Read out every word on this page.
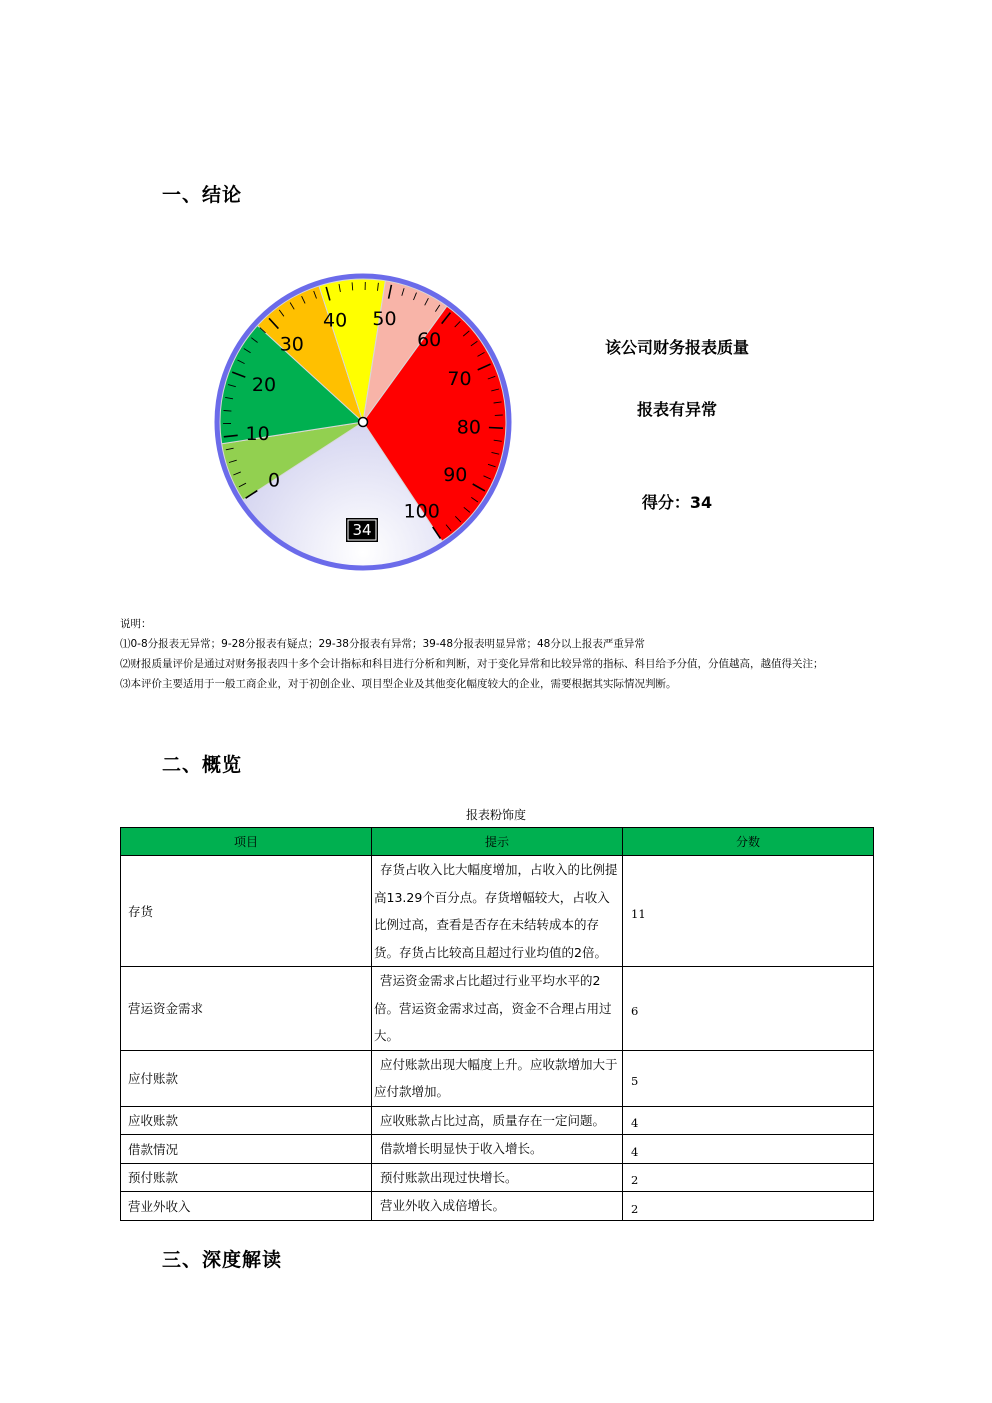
一、结论
0
10
20
30
40 50
60
70
80
90
100
34
该公司财务报表质量
报表有异常
得分：34
说明：
⑴0-8分报表无异常；9-28分报表有疑点；29-38分报表有异常；39-48分报表明显异常；48分以上报表严重异常
⑵财报质量评价是通过对财务报表四十多个会计指标和科目进行分析和判断，对于变化异常和比较异常的指标、科目给予分值，分值越高，越值得关注；
⑶本评价主要适用于一般工商企业，对于初创企业、项目型企业及其他变化幅度较大的企业，需要根据其实际情况判断。
二、概览
报表粉饰度
项目	提示	分数
存货	存货占收入比大幅度增加，占收入的比例提高13.29个百分点。存货增幅较大，占收入比例过高，查看是否存在未结转成本的存货。存货占比较高且超过行业均值的2倍。	11
营运资金需求	营运资金需求占比超过行业平均水平的2倍。营运资金需求过高，资金不合理占用过大。	6
应付账款	应付账款出现大幅度上升。应收款增加大于应付款增加。	5
应收账款	应收账款占比过高，质量存在一定问题。	4
借款情况	借款增长明显快于收入增长。	4
预付账款	预付账款出现过快增长。	2
营业外收入	营业外收入成倍增长。	2
三、深度解读
